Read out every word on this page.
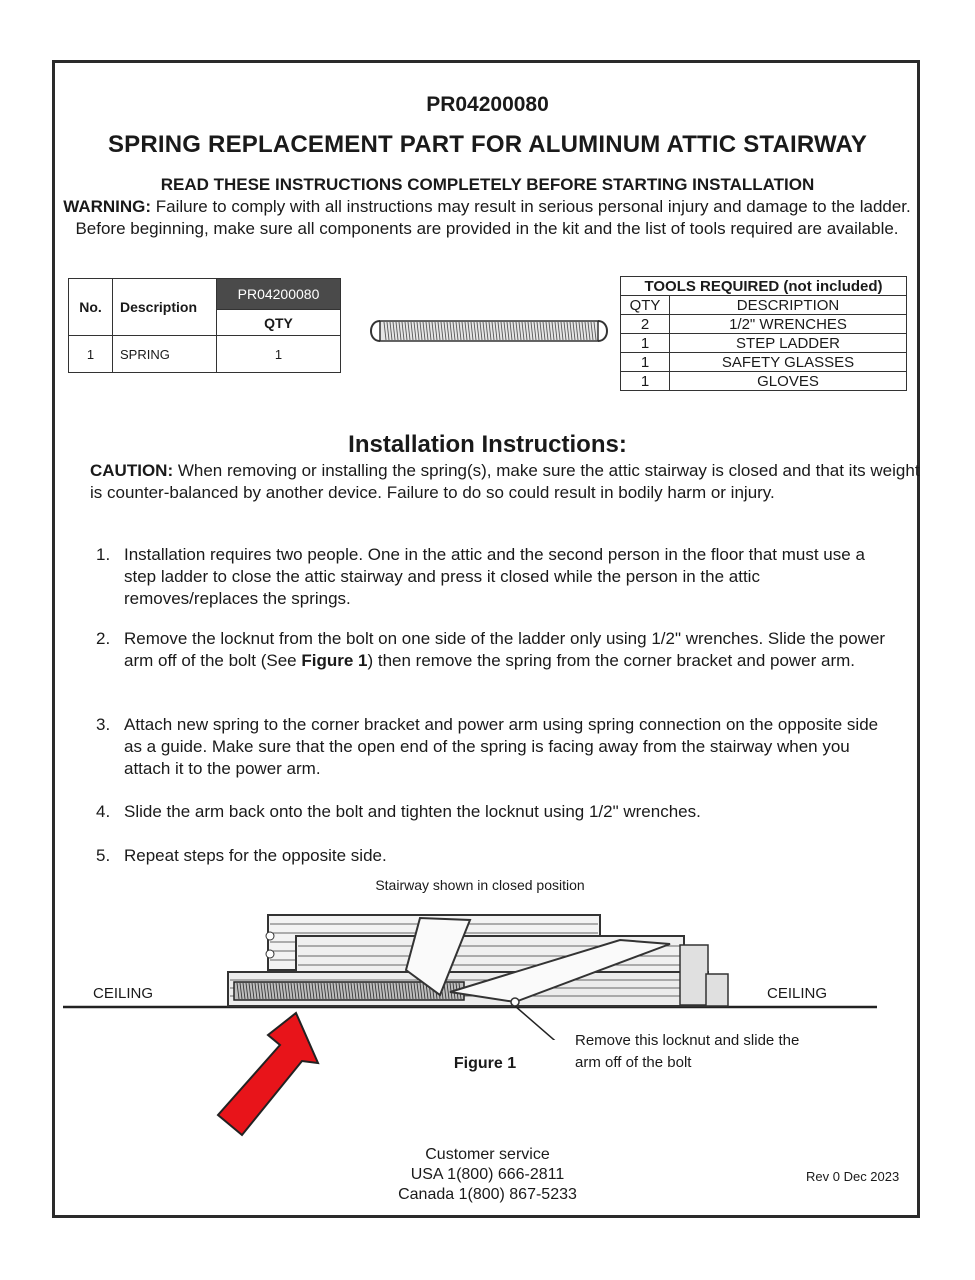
PR04200080
SPRING REPLACEMENT PART FOR ALUMINUM ATTIC STAIRWAY
READ THESE INSTRUCTIONS COMPLETELY BEFORE STARTING INSTALLATION
WARNING: Failure to comply with all instructions may result in serious personal injury and damage to the ladder. Before beginning, make sure all components are provided in the kit and the list of tools required are available.
No.	Description	PR04200080
		QTY
1	SPRING	1
TOOLS REQUIRED (not included)	
QTY	DESCRIPTION
2	1/2" WRENCHES
1	STEP LADDER
1	SAFETY GLASSES
1	GLOVES
Installation Instructions:
CAUTION: When removing or installing the spring(s), make sure the attic stairway is closed and that its weight is counter-balanced by another device. Failure to do so could result in bodily harm or injury.
1. Installation requires two people. One in the attic and the second person in the floor that must use a step ladder to close the attic stairway and press it closed while the person in the attic removes/replaces the springs.
2. Remove the locknut from the bolt on one side of the ladder only using 1/2" wrenches. Slide the power arm off of the bolt (See Figure 1) then remove the spring from the corner bracket and power arm.
3. Attach new spring to the corner bracket and power arm using spring connection on the opposite side as a guide. Make sure that the open end of the spring is facing away from the stairway when you attach it to the power arm.
4. Slide the arm back onto the bolt and tighten the locknut using 1/2" wrenches.
5. Repeat steps for the opposite side.
Stairway shown in closed position
CEILING	CEILING
Remove this locknut and slide the
arm off of the bolt
Figure 1
Customer service
USA 1(800) 666-2811
Canada 1(800) 867-5233
Rev 0 Dec 2023
